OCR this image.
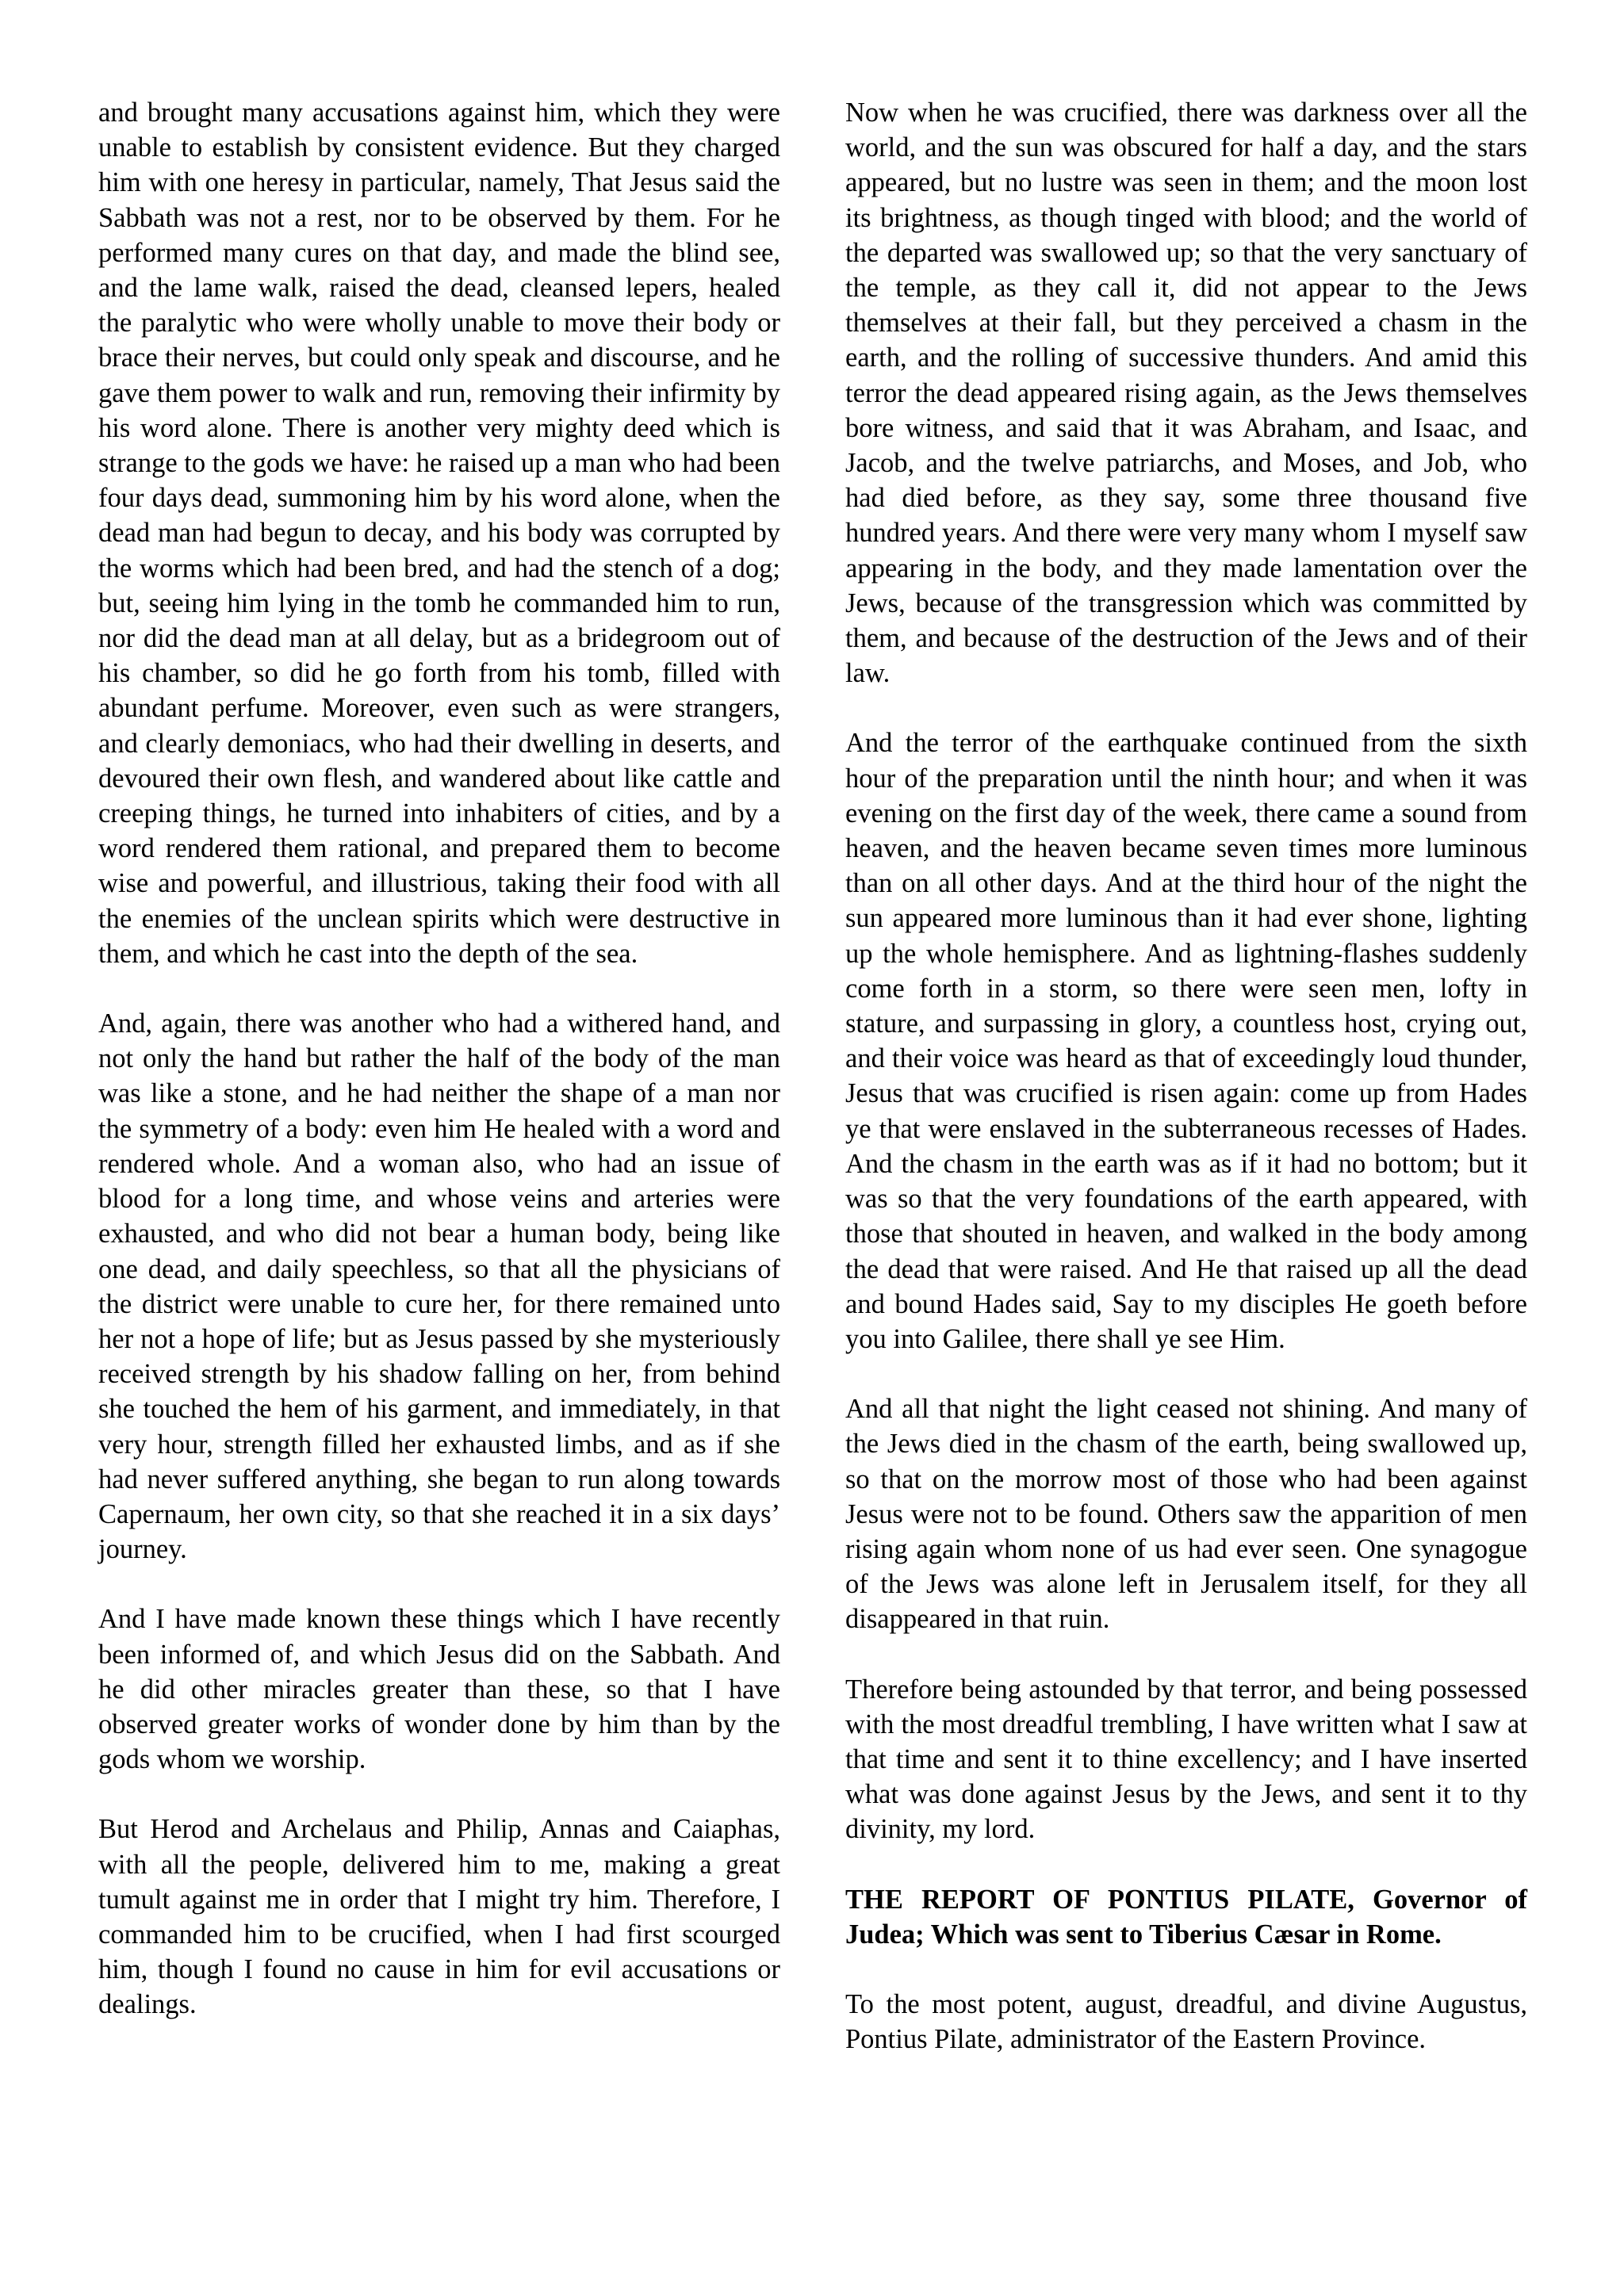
and brought many accusations against him, which they were unable to establish by consistent evidence. But they charged him with one heresy in particular, namely, That Jesus said the Sabbath was not a rest, nor to be observed by them. For he performed many cures on that day, and made the blind see, and the lame walk, raised the dead, cleansed lepers, healed the paralytic who were wholly unable to move their body or brace their nerves, but could only speak and discourse, and he gave them power to walk and run, removing their infirmity by his word alone. There is another very mighty deed which is strange to the gods we have: he raised up a man who had been four days dead, summoning him by his word alone, when the dead man had begun to decay, and his body was corrupted by the worms which had been bred, and had the stench of a dog; but, seeing him lying in the tomb he commanded him to run, nor did the dead man at all delay, but as a bridegroom out of his chamber, so did he go forth from his tomb, filled with abundant perfume. Moreover, even such as were strangers, and clearly demoniacs, who had their dwelling in deserts, and devoured their own flesh, and wandered about like cattle and creeping things, he turned into inhabiters of cities, and by a word rendered them rational, and prepared them to become wise and powerful, and illustrious, taking their food with all the enemies of the unclean spirits which were destructive in them, and which he cast into the depth of the sea.

And, again, there was another who had a withered hand, and not only the hand but rather the half of the body of the man was like a stone, and he had neither the shape of a man nor the symmetry of a body: even him He healed with a word and rendered whole. And a woman also, who had an issue of blood for a long time, and whose veins and arteries were exhausted, and who did not bear a human body, being like one dead, and daily speechless, so that all the physicians of the district were unable to cure her, for there remained unto her not a hope of life; but as Jesus passed by she mysteriously received strength by his shadow falling on her, from behind she touched the hem of his garment, and immediately, in that very hour, strength filled her exhausted limbs, and as if she had never suffered anything, she began to run along towards Capernaum, her own city, so that she reached it in a six days’ journey.

And I have made known these things which I have recently been informed of, and which Jesus did on the Sabbath. And he did other miracles greater than these, so that I have observed greater works of wonder done by him than by the gods whom we worship.

But Herod and Archelaus and Philip, Annas and Caiaphas, with all the people, delivered him to me, making a great tumult against me in order that I might try him. Therefore, I commanded him to be crucified, when I had first scourged him, though I found no cause in him for evil accusations or dealings.

Now when he was crucified, there was darkness over all the world, and the sun was obscured for half a day, and the stars appeared, but no lustre was seen in them; and the moon lost its brightness, as though tinged with blood; and the world of the departed was swallowed up; so that the very sanctuary of the temple, as they call it, did not appear to the Jews themselves at their fall, but they perceived a chasm in the earth, and the rolling of successive thunders. And amid this terror the dead appeared rising again, as the Jews themselves bore witness, and said that it was Abraham, and Isaac, and Jacob, and the twelve patriarchs, and Moses, and Job, who had died before, as they say, some three thousand five hundred years. And there were very many whom I myself saw appearing in the body, and they made lamentation over the Jews, because of the transgression which was committed by them, and because of the destruction of the Jews and of their law.

And the terror of the earthquake continued from the sixth hour of the preparation until the ninth hour; and when it was evening on the first day of the week, there came a sound from heaven, and the heaven became seven times more luminous than on all other days. And at the third hour of the night the sun appeared more luminous than it had ever shone, lighting up the whole hemisphere. And as lightning-flashes suddenly come forth in a storm, so there were seen men, lofty in stature, and surpassing in glory, a countless host, crying out, and their voice was heard as that of exceedingly loud thunder, Jesus that was crucified is risen again: come up from Hades ye that were enslaved in the subterraneous recesses of Hades. And the chasm in the earth was as if it had no bottom; but it was so that the very foundations of the earth appeared, with those that shouted in heaven, and walked in the body among the dead that were raised. And He that raised up all the dead and bound Hades said, Say to my disciples He goeth before you into Galilee, there shall ye see Him.

And all that night the light ceased not shining. And many of the Jews died in the chasm of the earth, being swallowed up, so that on the morrow most of those who had been against Jesus were not to be found. Others saw the apparition of men rising again whom none of us had ever seen. One synagogue of the Jews was alone left in Jerusalem itself, for they all disappeared in that ruin.

Therefore being astounded by that terror, and being possessed with the most dreadful trembling, I have written what I saw at that time and sent it to thine excellency; and I have inserted what was done against Jesus by the Jews, and sent it to thy divinity, my lord.

THE REPORT OF PONTIUS PILATE, Governor of Judea; Which was sent to Tiberius Cæsar in Rome.

To the most potent, august, dreadful, and divine Augustus, Pontius Pilate, administrator of the Eastern Province.
